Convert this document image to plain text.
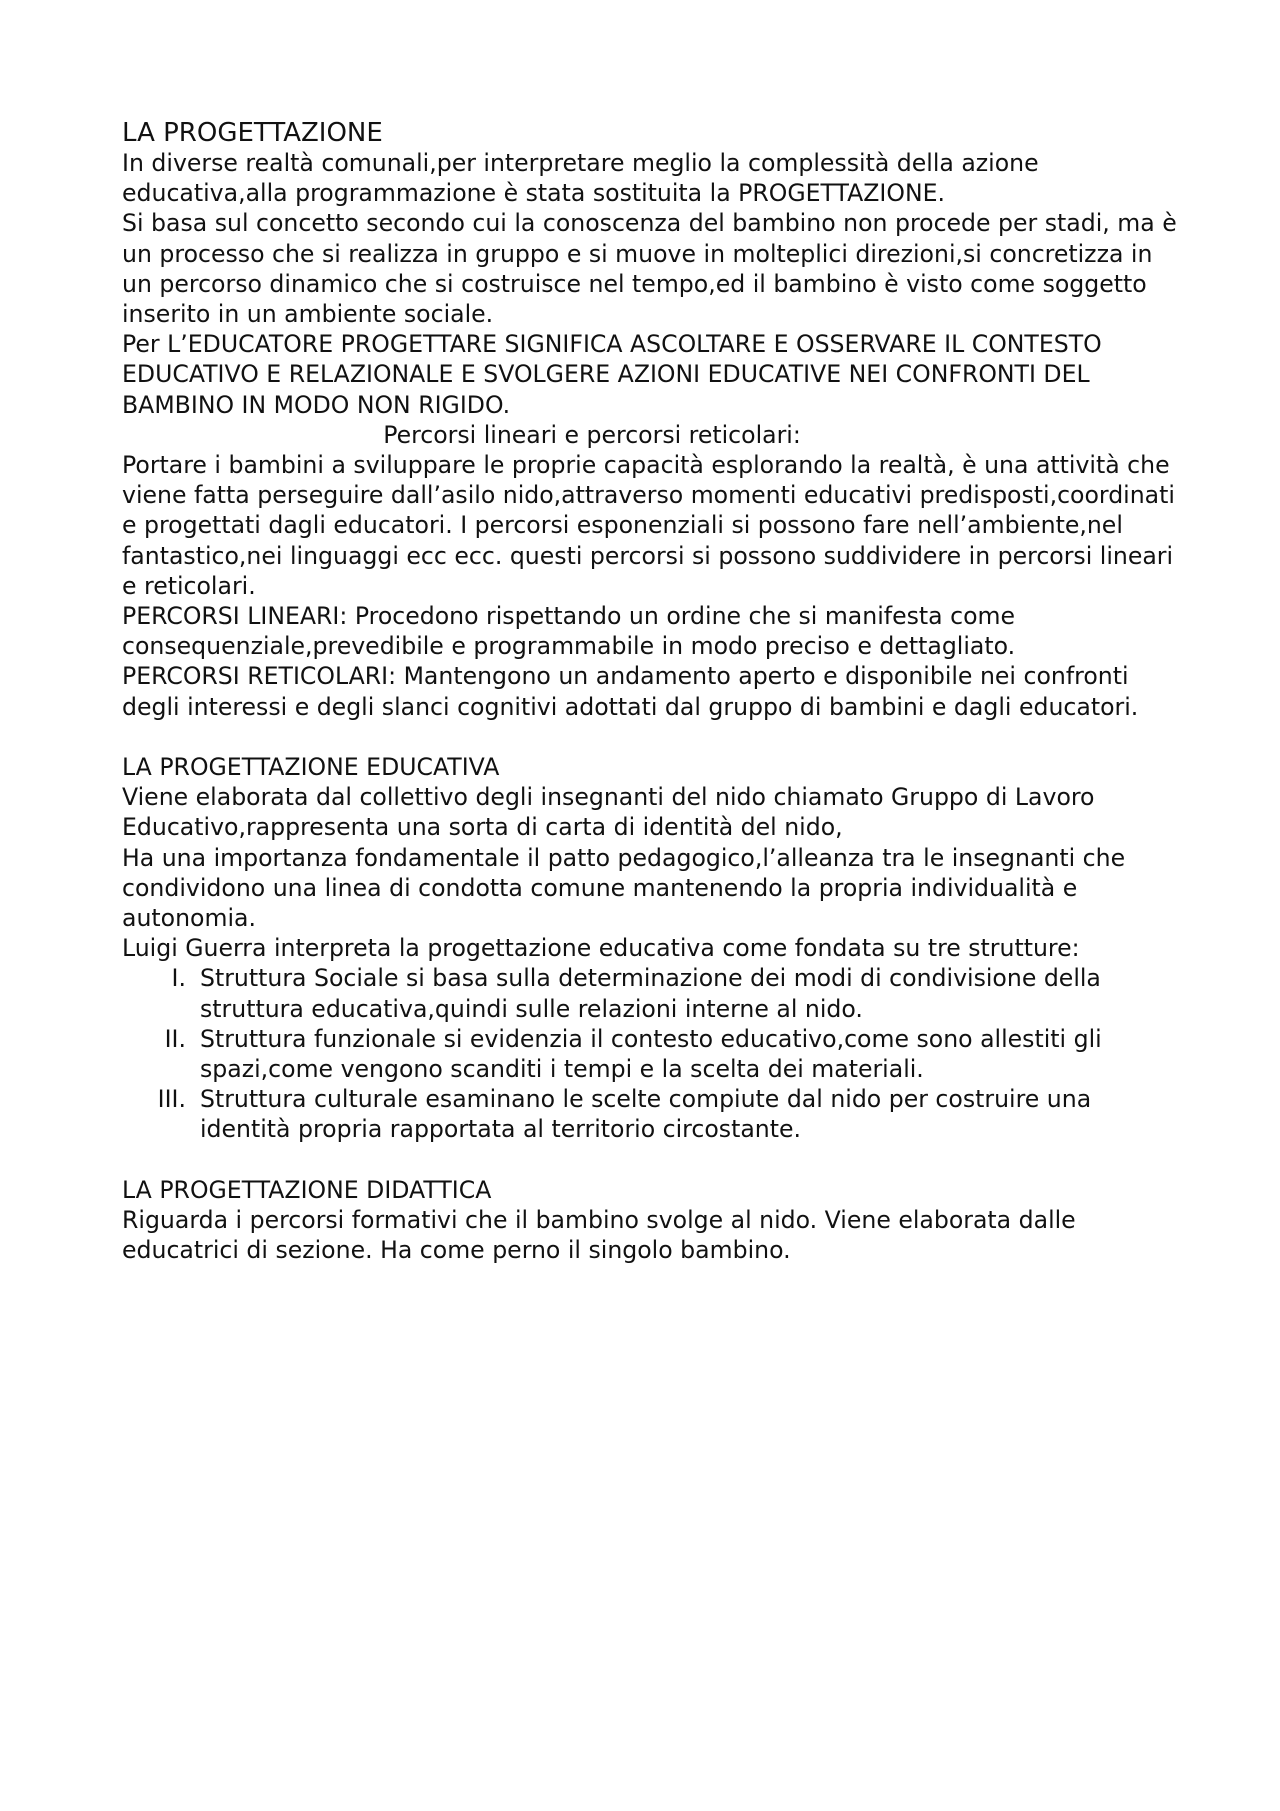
LA PROGETTAZIONE

In diverse realtà comunali,per interpretare meglio la complessità della azione educativa,alla programmazione è stata sostituita la PROGETTAZIONE.

Si basa sul concetto secondo cui la conoscenza del bambino non procede per stadi, ma è un processo che si realizza in gruppo e si muove in molteplici direzioni,si concretizza in un percorso dinamico che si costruisce nel tempo,ed il bambino è visto come soggetto inserito in un ambiente sociale.

Per L’EDUCATORE PROGETTARE SIGNIFICA ASCOLTARE E OSSERVARE IL CONTESTO EDUCATIVO E RELAZIONALE E SVOLGERE AZIONI EDUCATIVE NEI CONFRONTI DEL BAMBINO IN MODO NON RIGIDO.

Percorsi lineari e percorsi reticolari:

Portare i bambini a sviluppare le proprie capacità esplorando la realtà, è una attività che viene fatta perseguire dall’asilo nido,attraverso momenti educativi predisposti,coordinati e progettati dagli educatori. I percorsi esponenziali si possono fare nell’ambiente,nel fantastico,nei linguaggi ecc ecc. questi percorsi si possono suddividere in percorsi lineari e reticolari.

PERCORSI LINEARI: Procedono rispettando un ordine che si manifesta come consequenziale,prevedibile e programmabile in modo preciso e dettagliato.

PERCORSI RETICOLARI: Mantengono un andamento aperto e disponibile nei confronti degli interessi e degli slanci cognitivi adottati dal gruppo di bambini e dagli educatori.

LA PROGETTAZIONE EDUCATIVA

Viene elaborata dal collettivo degli insegnanti del nido chiamato Gruppo di Lavoro Educativo,rappresenta una sorta di carta di identità del nido,

Ha una importanza fondamentale il patto pedagogico,l’alleanza tra le insegnanti che condividono una linea di condotta comune mantenendo la propria individualità e autonomia.

Luigi Guerra interpreta la progettazione educativa come fondata su tre strutture:

I. Struttura Sociale si basa sulla determinazione dei modi di condivisione della struttura educativa,quindi sulle relazioni interne al nido.
II. Struttura funzionale si evidenzia il contesto educativo,come sono allestiti gli spazi,come vengono scanditi i tempi e la scelta dei materiali.
III. Struttura culturale esaminano le scelte compiute dal nido per costruire una identità propria rapportata al territorio circostante.

LA PROGETTAZIONE DIDATTICA

Riguarda i percorsi formativi che il bambino svolge al nido. Viene elaborata dalle educatrici di sezione. Ha come perno il singolo bambino.
